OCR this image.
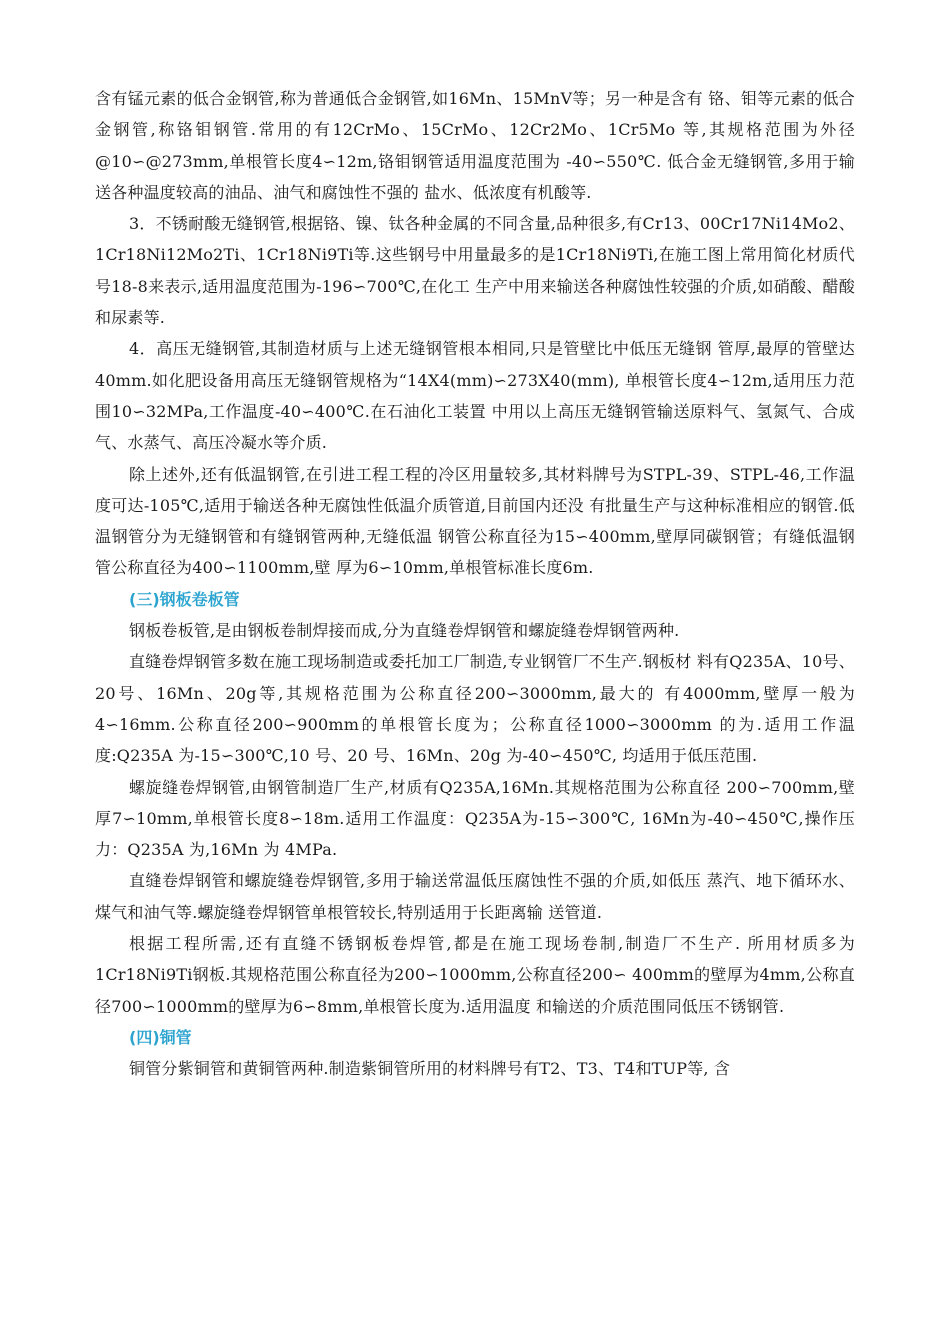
含有锰元素的低合金钢管,称为普通低合金钢管,如16Mn、15MnV等；另一种是含有 铬、钼等元素的低合金钢管,称铬钼钢管.常用的有12CrMo、15CrMo、12Cr2Mo、1Cr5Mo 等,其规格范围为外径@10∽@273mm,单根管长度4∽12m,铬钼钢管适用温度范围为 -40∽550℃. 低合金无缝钢管,多用于输送各种温度较高的油品、油气和腐蚀性不强的 盐水、低浓度有机酸等.

3．不锈耐酸无缝钢管,根据铬、镍、钛各种金属的不同含量,品种很多,有Cr13、00Cr17Ni14Mo2、1Cr18Ni12Mo2Ti、1Cr18Ni9Ti等.这些钢号中用量最多的是1Cr18Ni9Ti,在施工图上常用简化材质代号18-8来表示,适用温度范围为-196∽700℃,在化工 生产中用来输送各种腐蚀性较强的介质,如硝酸、醋酸和尿素等.

4．高压无缝钢管,其制造材质与上述无缝钢管根本相同,只是管壁比中低压无缝钢 管厚,最厚的管壁达40mm.如化肥设备用高压无缝钢管规格为“14X4(mm)∽273X40(mm), 单根管长度4∽12m,适用压力范围10∽32MPa,工作温度-40∽400℃.在石油化工装置 中用以上高压无缝钢管输送原料气、氢氮气、合成气、水蒸气、高压冷凝水等介质.

除上述外,还有低温钢管,在引进工程工程的冷区用量较多,其材料牌号为STPL-39、STPL-46,工作温度可达-105℃,适用于输送各种无腐蚀性低温介质管道,目前国内还没 有批量生产与这种标准相应的钢管.低温钢管分为无缝钢管和有缝钢管两种,无缝低温 钢管公称直径为15∽400mm,壁厚同碳钢管；有缝低温钢管公称直径为400∽1100mm,壁 厚为6∽10mm,单根管标准长度6m.

(三)钢板卷板管

钢板卷板管,是由钢板卷制焊接而成,分为直缝卷焊钢管和螺旋缝卷焊钢管两种.

直缝卷焊钢管多数在施工现场制造或委托加工厂制造,专业钢管厂不生产.钢板材 料有Q235A、10号、20号、16Mn、20g等,其规格范围为公称直径200∽3000mm,最大的 有4000mm,壁厚一般为4∽16mm.公称直径200∽900mm的单根管长度为；公称直径1000∽3000mm 的为.适用工作温度:Q235A 为-15∽300℃,10 号、20 号、16Mn、20g 为-40∽450℃, 均适用于低压范围.

螺旋缝卷焊钢管,由钢管制造厂生产,材质有Q235A,16Mn.其规格范围为公称直径 200∽700mm,壁厚7∽10mm,单根管长度8∽18m.适用工作温度：Q235A为-15∽300℃, 16Mn为-40∽450℃,操作压力：Q235A 为,16Mn 为 4MPa.

直缝卷焊钢管和螺旋缝卷焊钢管,多用于输送常温低压腐蚀性不强的介质,如低压 蒸汽、地下循环水、煤气和油气等.螺旋缝卷焊钢管单根管较长,特别适用于长距离输 送管道.

根据工程所需,还有直缝不锈钢板卷焊管,都是在施工现场卷制,制造厂不生产. 所用材质多为1Cr18Ni9Ti钢板.其规格范围公称直径为200∽1000mm,公称直径200∽ 400mm的壁厚为4mm,公称直径700∽1000mm的壁厚为6∽8mm,单根管长度为.适用温度 和输送的介质范围同低压不锈钢管.

(四)铜管

铜管分紫铜管和黄铜管两种.制造紫铜管所用的材料牌号有T2、T3、T4和TUP等, 含
